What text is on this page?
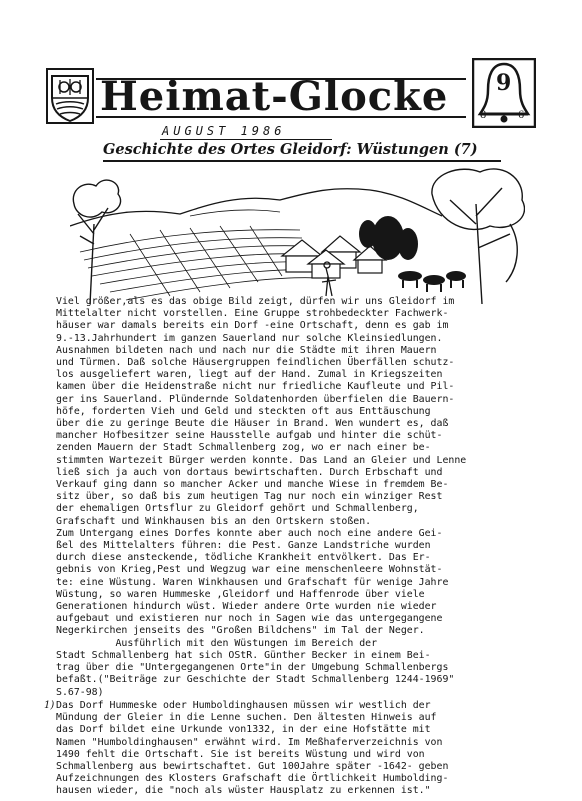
Heimat-Glocke 9
8	6
AUGUST 1986
Geschichte des Ortes Gleidorf: Wüstungen (7)
Viel größer,als es das obige Bild zeigt, dürfen wir uns Gleidorf im
Mittelalter nicht vorstellen. Eine Gruppe strohbedeckter Fachwerk-
häuser war damals bereits ein Dorf -eine Ortschaft, denn es gab im
9.-13.Jahrhundert im ganzen Sauerland nur solche Kleinsiedlungen.
Ausnahmen bildeten nach und nach nur die Städte mit ihren Mauern
und Türmen. Daß solche Häusergruppen feindlichen Überfällen schutz-
los ausgeliefert waren, liegt auf der Hand. Zumal in Kriegszeiten
kamen über die Heidenstraße nicht nur friedliche Kaufleute und Pil-
ger ins Sauerland. Plündernde Soldatenhorden überfielen die Bauern-
höfe, forderten Vieh und Geld und steckten oft aus Enttäuschung
über die zu geringe Beute die Häuser in Brand. Wen wundert es, daß
mancher Hofbesitzer seine Hausstelle aufgab und hinter die schüt-
zenden Mauern der Stadt Schmallenberg zog, wo er nach einer be-
stimmten Wartezeit Bürger werden konnte. Das Land an Gleier und Lenne
ließ sich ja auch von dortaus bewirtschaften. Durch Erbschaft und
Verkauf ging dann so mancher Acker und manche Wiese in fremdem Be-
sitz über, so daß bis zum heutigen Tag nur noch ein winziger Rest
der ehemaligen Ortsflur zu Gleidorf gehört und Schmallenberg,
Grafschaft und Winkhausen bis an den Ortskern stoßen.
Zum Untergang eines Dorfes konnte aber auch noch eine andere Gei-
ßel des Mittelalters führen: die Pest. Ganze Landstriche wurden
durch diese ansteckende, tödliche Krankheit entvölkert. Das Er-
gebnis von Krieg,Pest und Wegzug war eine menschenleere Wohnstät-
te: eine Wüstung. Waren Winkhausen und Grafschaft für wenige Jahre
Wüstung, so waren Hummeske ,Gleidorf und Haffenrode über viele
Generationen hindurch wüst. Wieder andere Orte wurden nie wieder
aufgebaut und existieren nur noch in Sagen wie das untergegangene
Negerkirchen jenseits des "Großen Bildchens" im Tal der Neger.
Ausführlich mit den Wüstungen im Bereich der
Stadt Schmallenberg hat sich OStR. Günther Becker in einem Bei-
trag über die "Untergegangenen Orte"in der Umgebung Schmallenbergs
befaßt.("Beiträge zur Geschichte der Stadt Schmallenberg 1244-1969"
S.67-98)
1) Das Dorf Hummeske oder Humboldinghausen müssen wir westlich der
Mündung der Gleier in die Lenne suchen. Den ältesten Hinweis auf
das Dorf bildet eine Urkunde von1332, in der eine Hofstätte mit
Namen "Humboldinghausen" erwähnt wird. Im Meßhaferverzeichnis von
1490 fehlt die Ortschaft. Sie ist bereits Wüstung und wird von
Schmallenberg aus bewirtschaftet. Gut 100Jahre später -1642- geben
Aufzeichnungen des Klosters Grafschaft die Örtlichkeit Humbolding-
hausen wieder, die "noch als wüster Hausplatz zu erkennen ist."
